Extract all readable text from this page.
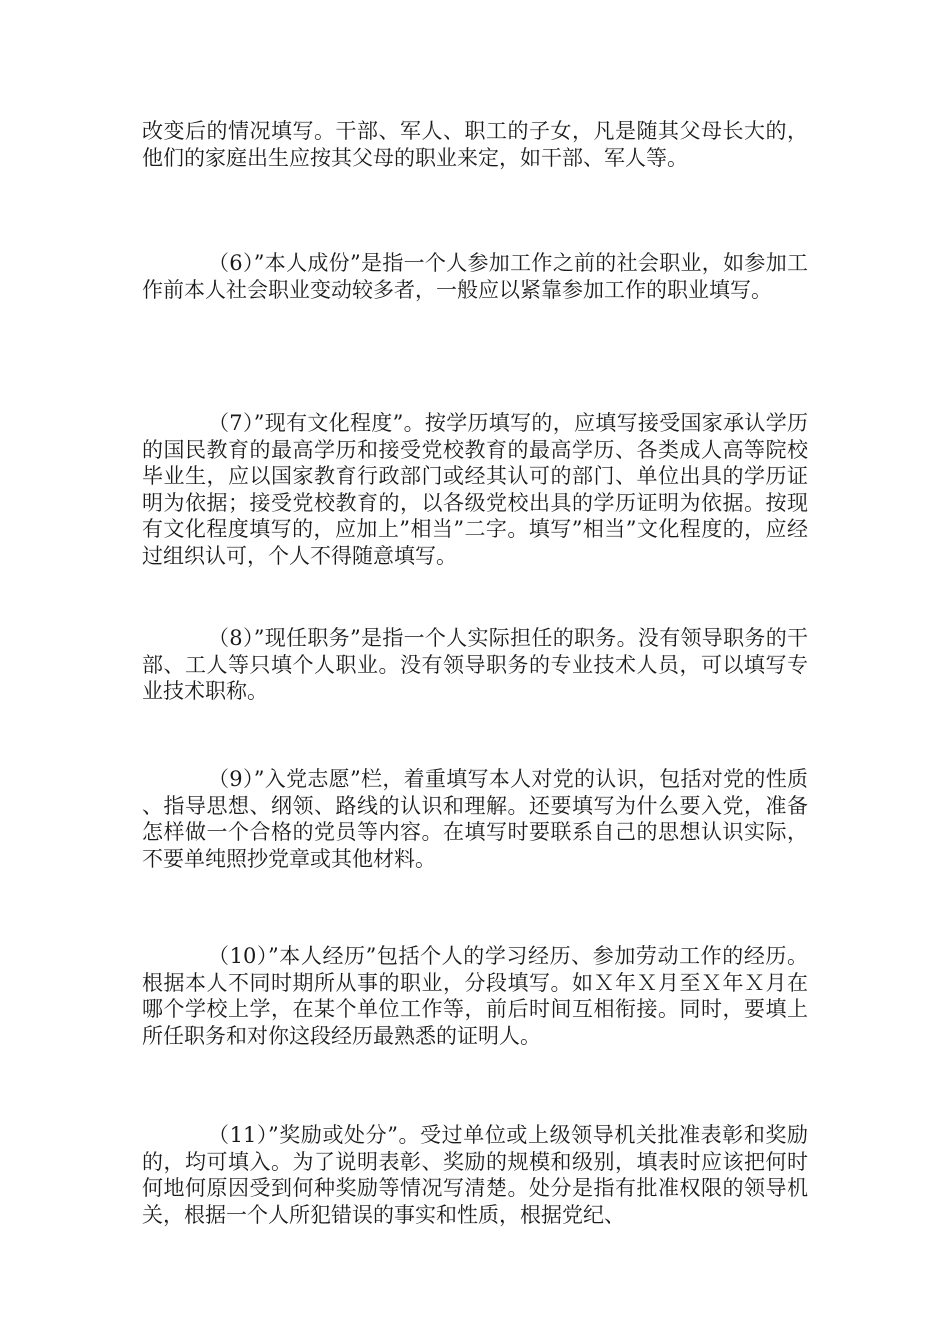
改变后的情况填写。干部、军人、职工的子女，凡是随其父母长大的，他们的家庭出生应按其父母的职业来定，如干部、军人等。

（6）”本人成份”是指一个人参加工作之前的社会职业，如参加工作前本人社会职业变动较多者，一般应以紧靠参加工作的职业填写。

（7）”现有文化程度”。按学历填写的，应填写接受国家承认学历的国民教育的最高学历和接受党校教育的最高学历、各类成人高等院校毕业生，应以国家教育行政部门或经其认可的部门、单位出具的学历证明为依据；接受党校教育的，以各级党校出具的学历证明为依据。按现有文化程度填写的，应加上”相当”二字。填写”相当”文化程度的，应经过组织认可，个人不得随意填写。

（8）”现任职务”是指一个人实际担任的职务。没有领导职务的干部、工人等只填个人职业。没有领导职务的专业技术人员，可以填写专业技术职称。

（9）”入党志愿”栏，着重填写本人对党的认识，包括对党的性质、指导思想、纲领、路线的认识和理解。还要填写为什么要入党，准备怎样做一个合格的党员等内容。在填写时要联系自己的思想认识实际，不要单纯照抄党章或其他材料。

（10）”本人经历”包括个人的学习经历、参加劳动工作的经历。根据本人不同时期所从事的职业，分段填写。如Ｘ年Ｘ月至Ｘ年Ｘ月在哪个学校上学，在某个单位工作等，前后时间互相衔接。同时，要填上所任职务和对你这段经历最熟悉的证明人。

（11）”奖励或处分”。受过单位或上级领导机关批准表彰和奖励的，均可填入。为了说明表彰、奖励的规模和级别，填表时应该把何时何地何原因受到何种奖励等情况写清楚。处分是指有批准权限的领导机关，根据一个人所犯错误的事实和性质，根据党纪、
